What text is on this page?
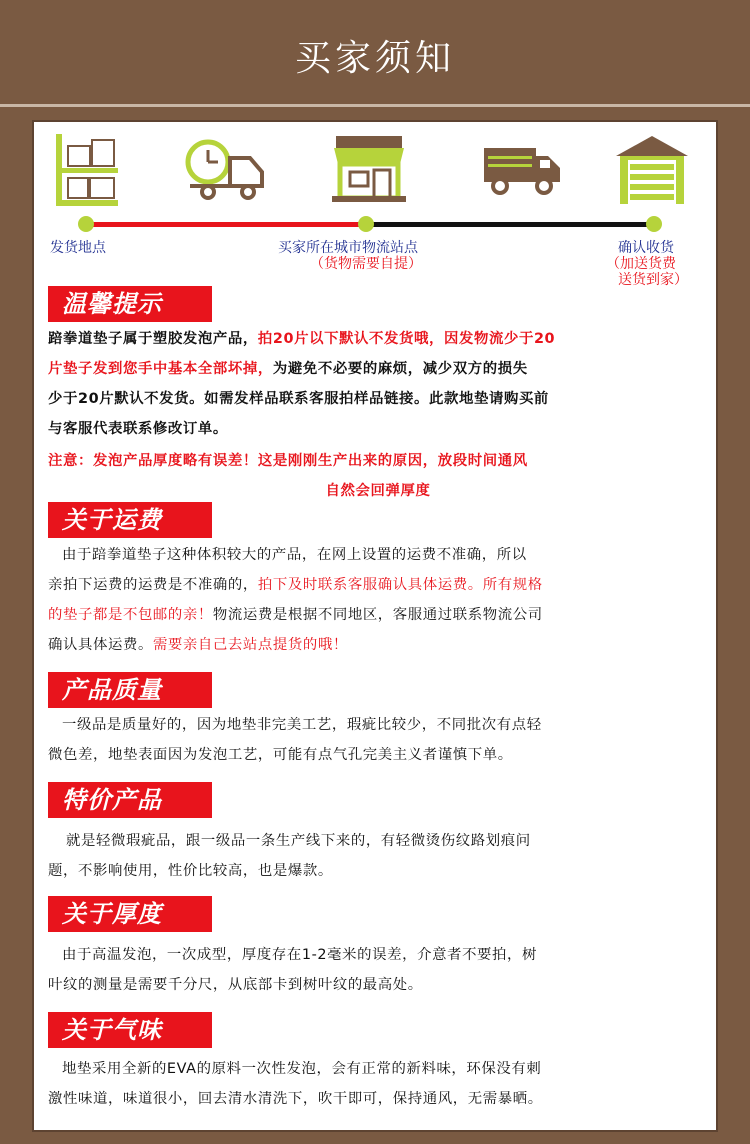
买家须知
发货地点	买家所在城市物流站点
（货物需要自提）
确认收货
（加送货费
送货到家）
温馨提示
踣拳道垫子属于塑胶发泡产品，拍20片以下默认不发货哦，因发物流少于20
片垫子发到您手中基本全部坏掉，为避免不必要的麻烦，减少双方的损失
少于20片默认不发货。如需发样品联系客服拍样品链接。此款地垫请购买前
与客服代表联系修改订单。
注意：发泡产品厚度略有误差！这是刚刚生产出来的原因，放段时间通风
自然会回弹厚度
关于运费
由于踣拳道垫子这种体积较大的产品，在网上设置的运费不准确，所以
亲拍下运费的运费是不准确的，拍下及时联系客服确认具体运费。所有规格
的垫子都是不包邮的亲！物流运费是根据不同地区，客服通过联系物流公司
确认具体运费。需要亲自己去站点提货的哦！
产品质量
一级品是质量好的，因为地垫非完美工艺，瑕疵比较少，不同批次有点轻
微色差，地垫表面因为发泡工艺，可能有点气孔完美主义者谨慎下单。
特价产品
就是轻微瑕疵品，跟一级品一条生产线下来的，有轻微烫伤纹路划痕问
题，不影响使用，性价比较高，也是爆款。
关于厚度
由于高温发泡，一次成型，厚度存在1-2毫米的误差，介意者不要拍，树
叶纹的测量是需要千分尺，从底部卡到树叶纹的最高处。
关于气味
地垫采用全新的EVA的原料一次性发泡，会有正常的新料味，环保没有刺
激性味道，味道很小，回去清水清洗下，吹干即可，保持通风，无需暴晒。
